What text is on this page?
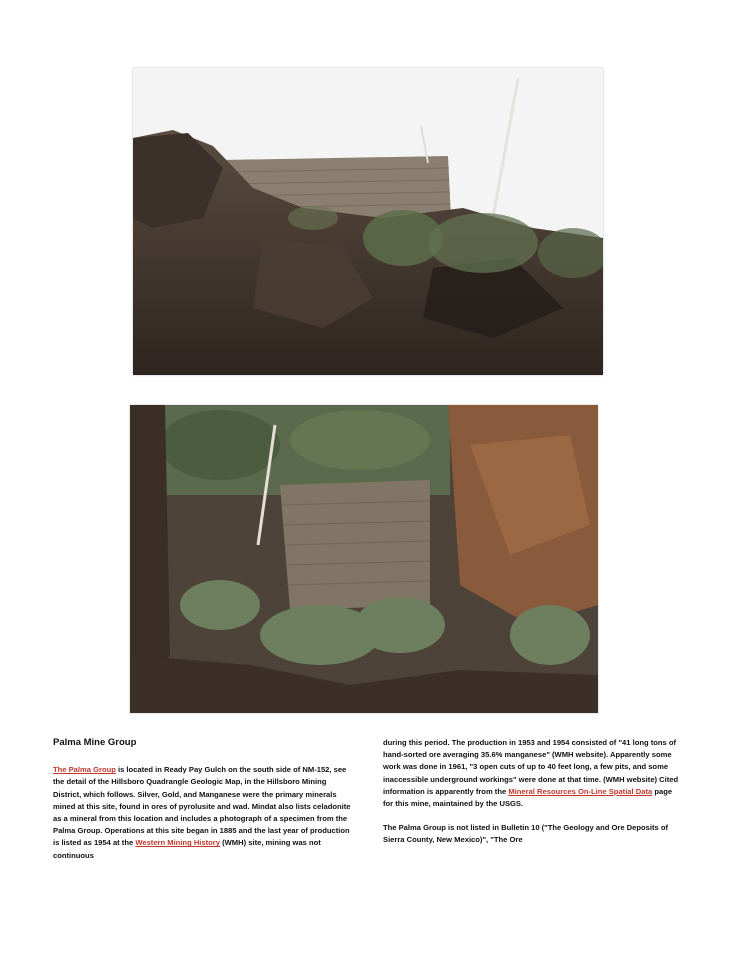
Palma Mine Group

The Palma Group is located in Ready Pay Gulch on the south side of NM-152, see the detail of the Hillsboro Quadrangle Geologic Map, in the Hillsboro Mining District, which follows. Silver, Gold, and Manganese were the primary minerals mined at this site, found in ores of pyrolusite and wad. Mindat also lists celadonite as a mineral from this location and includes a photograph of a specimen from the Palma Group. Operations at this site began in 1885 and the last year of production is listed as 1954 at the Western Mining History (WMH) site, mining was not continuous

during this period. The production in 1953 and 1954 consisted of "41 long tons of hand-sorted ore averaging 35.6% manganese" (WMH website). Apparently some work was done in 1961, "3 open cuts of up to 40 feet long, a few pits, and some inaccessible underground workings" were done at that time. (WMH website) Cited information is apparently from the Mineral Resources On-Line Spatial Data page for this mine, maintained by the USGS.

The Palma Group is not listed in Bulletin 10 ("The Geology and Ore Deposits of Sierra County, New Mexico)", "The Ore
